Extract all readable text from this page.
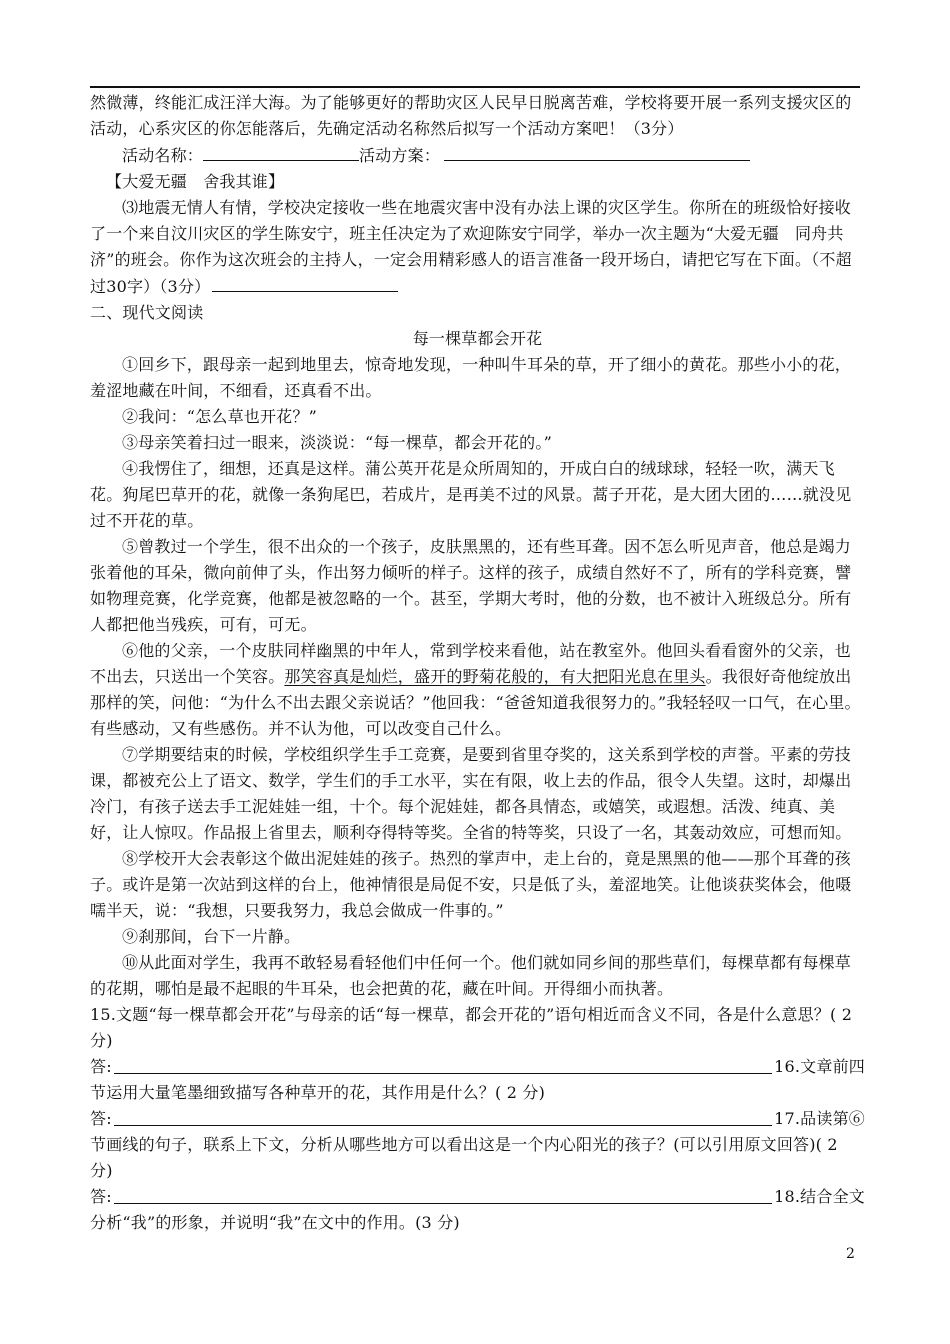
然微薄，终能汇成汪洋大海。为了能够更好的帮助灾区人民早日脱离苦难，学校将要开展一系列支援灾区的活动，心系灾区的你怎能落后，先确定活动名称然后拟写一个活动方案吧！（3分）

活动名称：	活动方案：

【大爱无疆　舍我其谁】

⑶地震无情人有情，学校决定接收一些在地震灾害中没有办法上课的灾区学生。你所在的班级恰好接收了一个来自汶川灾区的学生陈安宁，班主任决定为了欢迎陈安宁同学，举办一次主题为“大爱无疆　同舟共济”的班会。你作为这次班会的主持人，一定会用精彩感人的语言准备一段开场白，请把它写在下面。（不超过30字）（3分）

二、现代文阅读

每一棵草都会开花

①回乡下，跟母亲一起到地里去，惊奇地发现，一种叫牛耳朵的草，开了细小的黄花。那些小小的花，羞涩地藏在叶间，不细看，还真看不出。

②我问：“怎么草也开花？”

③母亲笑着扫过一眼来，淡淡说：“每一棵草，都会开花的。”

④我愣住了，细想，还真是这样。蒲公英开花是众所周知的，开成白白的绒球球，轻轻一吹，满天飞花。狗尾巴草开的花，就像一条狗尾巴，若成片，是再美不过的风景。蒿子开花，是大团大团的……就没见过不开花的草。

⑤曾教过一个学生，很不出众的一个孩子，皮肤黑黑的，还有些耳聋。因不怎么听见声音，他总是竭力张着他的耳朵，微向前伸了头，作出努力倾听的样子。这样的孩子，成绩自然好不了，所有的学科竞赛，譬如物理竞赛，化学竞赛，他都是被忽略的一个。甚至，学期大考时，他的分数，也不被计入班级总分。所有人都把他当残疾，可有，可无。

⑥他的父亲，一个皮肤同样幽黑的中年人，常到学校来看他，站在教室外。他回头看看窗外的父亲，也不出去，只送出一个笑容。那笑容真是灿烂，盛开的野菊花般的，有大把阳光息在里头。我很好奇他绽放出那样的笑，问他：“为什么不出去跟父亲说话？”他回我：“爸爸知道我很努力的。”我轻轻叹一口气，在心里。有些感动，又有些感伤。并不认为他，可以改变自己什么。

⑦学期要结束的时候，学校组织学生手工竞赛，是要到省里夺奖的，这关系到学校的声誉。平素的劳技课，都被充公上了语文、数学，学生们的手工水平，实在有限，收上去的作品，很令人失望。这时，却爆出冷门，有孩子送去手工泥娃娃一组，十个。每个泥娃娃，都各具情态，或嬉笑，或遐想。活泼、纯真、美好，让人惊叹。作品报上省里去，顺利夺得特等奖。全省的特等奖，只设了一名，其轰动效应，可想而知。

⑧学校开大会表彰这个做出泥娃娃的孩子。热烈的掌声中，走上台的，竟是黑黑的他——那个耳聋的孩子。或许是第一次站到这样的台上，他神情很是局促不安，只是低了头，羞涩地笑。让他谈获奖体会，他嗫嚅半天，说：“我想，只要我努力，我总会做成一件事的。”

⑨刹那间，台下一片静。

⑩从此面对学生，我再不敢轻易看轻他们中任何一个。他们就如同乡间的那些草们，每棵草都有每棵草的花期，哪怕是最不起眼的牛耳朵，也会把黄的花，藏在叶间。开得细小而执著。

15.文题“每一棵草都会开花”与母亲的话“每一棵草，都会开花的”语句相近而含义不同，各是什么意思？( 2 分)

答:	16.文章前四

节运用大量笔墨细致描写各种草开的花，其作用是什么？( 2 分)

答:	17.品读第⑥

节画线的句子，联系上下文，分析从哪些地方可以看出这是一个内心阳光的孩子？(可以引用原文回答)( 2 分)

答:	18.结合全文

分析“我”的形象，并说明“我”在文中的作用。(3 分)

2
